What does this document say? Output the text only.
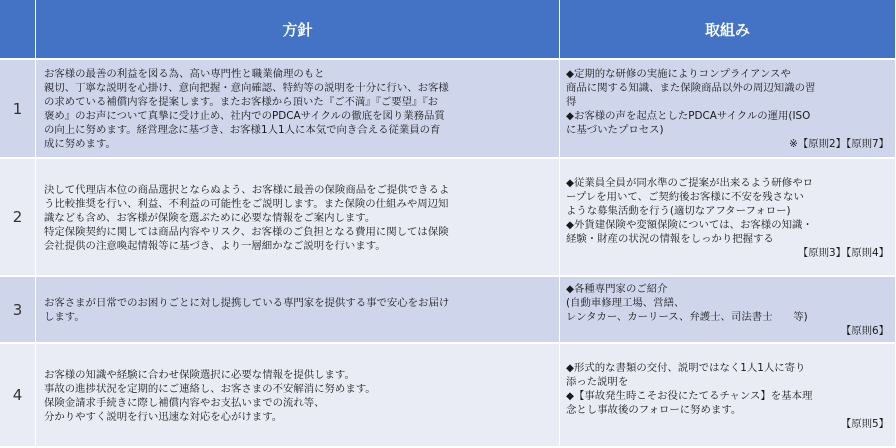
方針	取組み
1
お客様の最善の利益を図る為、高い専門性と職業倫理のもと
親切、丁寧な説明を心掛け、意向把握・意向確認、特約等の説明を十分に行い、お客様
の求めている補償内容を提案します。またお客様から頂いた『ご不満』『ご要望』『お
褒め』のお声について真摯に受け止め、社内でのPDCAサイクルの徹底を図り業務品質
の向上に努めます。経営理念に基づき、お客様1人1人に本気で向き合える従業員の育
成に努めます。
◆定期的な研修の実施によりコンプライアンスや
商品に関する知識、また保険商品以外の周辺知識の習
得
◆お客様の声を起点としたPDCAサイクルの運用(ISO
に基づいたプロセス)
※【原則2】【原則7】
2
決して代理店本位の商品選択とならぬよう、お客様に最善の保険商品をご提供できるよ
う比較推奨を行い、利益、不利益の可能性をご説明します。また保険の仕組みや周辺知
識なども含め、お客様が保険を選ぶために必要な情報をご案内します。
特定保険契約に関しては商品内容やリスク、お客様のご負担となる費用に関しては保険
会社提供の注意喚起情報等に基づき、より一層細かなご説明を行います。
◆従業員全員が同水準のご提案が出来るよう研修やロ
ープレを用いて、ご契約後お客様に不安を残さない
ような募集活動を行う(適切なアフターフォロー)
◆外貨建保険や変額保険については、お客様の知識・
経験・財産の状況の情報をしっかり把握する
【原則3】【原則4】
3 お客さまが日常でのお困りごとに対し提携している専門家を提供する事で安心をお届け
します。
◆各種専門家のご紹介
(自動車修理工場、営繕、
レンタカー、カーリース、弁護士、司法書士　　等)
【原則6】
4
お客様の知識や経験に合わせ保険選択に必要な情報を提供します。
事故の進捗状況を定期的にご連絡し、お客さまの不安解消に努めます。
保険金請求手続きに際し補償内容やお支払いまでの流れ等、
分かりやすく説明を行い迅速な対応を心がけます。
◆形式的な書類の交付、説明ではなく1人1人に寄り
添った説明を
◆【事故発生時こそお役にたてるチャンス】を基本理
念とし事故後のフォローに努めます。
【原則5】
